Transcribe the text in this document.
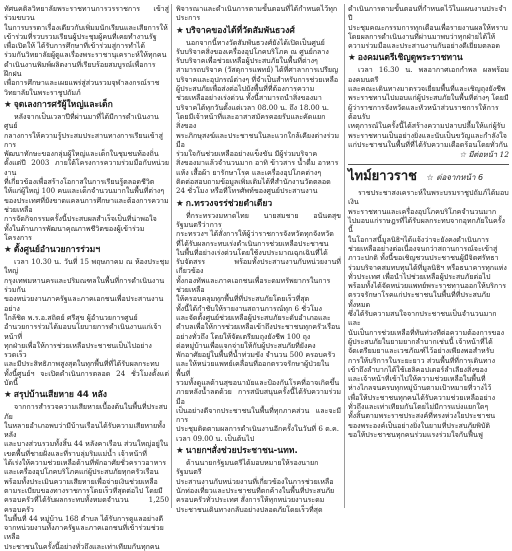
ทัศนคติลวิทยาลัยพระราชทานการวรราชการ เข้าสู่ร่วมขบวน

ในการบรรดาเรื่องเดียวกับเพิ่มมนักเรียนและเสียการให้

เข้าร่วมที่รวบรวมเรียนผู้ประชุมผู้คนที่เคยทำงานรัฐ

เพื่อเปิดให้ ได้รับการศึกษาที่เข้าร่วมสู่การทำได้

ร่วมกันวิทยาลัยผู้ดูแลเรื่องพระราชานุเคราะห์ให้ทุกคน

ดำเนินงานพิมพ์ผลิตงานที่เรียบร้อยสมบูรณ์เพื่อการฝึกฝน

เพื่อการศึกษาและเผยแพร่สู่ส่วนรวมจุฬาลงกรณ์ราชวิทยาลัยในพระราชูปถัมภ์

★ จุดเลงการศรัผู้ใหญ่และเด็ก

หลังจากเป็นเวลาปีที่ผ่านมาที่ได้มีการดำเนินงานศูนย์

กลางการให้ความรู้ประสมประสานทางการเรียนเข้าสู่การ

พัฒนาทักษะของกลุ่มผู้ใหญ่และเด็กในชุมชนท้องถิ่น

ตั้งแต่ปี 2003 ภายใต้โครงการความร่วมมือกับหน่วยงาน

ที่เกี่ยวข้องเพื่อสร้างโอกาสในการเรียนรู้ตลอดชีวิต

ให้แก่ผู้ใหญ่ 100 คนและเด็กจำนวนมากในพื้นที่ต่างๆ

ของประเทศที่ยังขาดแคลนการศึกษาและต้องการความช่วยเหลือ

การจัดกิจกรรมครั้งนี้ประสบผลสำเร็จเป็นที่น่าพอใจ

ทั้งในด้านการพัฒนาคุณภาพชีวิตของผู้เข้าร่วมโครงการ

★ ตั้งศูนย์อำนวยการร่วมฯ

เวลา 10.30 น. วันที่ 15 พฤษภาคม ณ ห้องประชุมใหญ่

กรุงเทพมหานครและปริมณฑลในพื้นที่การดำเนินงานร่วมกัน

ของหน่วยงานภาครัฐและภาคเอกชนเพื่อประสานงานอย่าง

ใกล้ชิด พ.ร.อ.สถิตย์ ศรีสุข ผู้อำนวยการศูนย์

อำนวยการร่วมได้มอบนโยบายการดำเนินงานแก่เจ้าหน้าที่

ทุกฝ่ายเพื่อให้การช่วยเหลือประชาชนเป็นไปอย่างรวดเร็ว

และมีประสิทธิภาพสูงสุดในทุกพื้นที่ที่ได้รับผลกระทบ

ทั้งนี้ศูนย์ฯ จะเปิดดำเนินการตลอด 24 ชั่วโมงตั้งแต่บัดนี้

★ สรุปบ้านเสียหาย 44 หลัง

จากการสำรวจความเสียหายเบื้องต้นในพื้นที่ประสบภัย

ในหลายอำเภอพบว่ามีบ้านเรือนได้รับความเสียหายทั้งหลัง

และบางส่วนรวมทั้งสิ้น 44 หลังคาเรือน ส่วนใหญ่อยู่ใน

เขตพื้นที่ชายฝั่งและที่ราบลุ่มริมแม่น้ำ เจ้าหน้าที่

ได้เร่งให้ความช่วยเหลือด้านที่พักอาศัยชั่วคราวอาหาร

และเครื่องอุปโภคบริโภคแก่ผู้ประสบภัยทุกครัวเรือน

พร้อมทั้งประเมินความเสียหายเพื่อจ่ายเงินช่วยเหลือ

ตามระเบียบของทางราชการโดยเร็วที่สุดต่อไป โดยมี

ครอบครัวที่ได้รับผลกระทบทั้งหมดจำนวน 1,250 ครอบครัว

ในพื้นที่ 44 หมู่บ้าน 168 ตำบล ได้รับการดูแลอย่างดี

จากหน่วยงานทั้งภาครัฐและภาคเอกชนที่เข้าร่วมช่วยเหลือ

ประชาชนในครั้งนี้อย่างทั่วถึงและเท่าเทียมกันทุกคน

พิจารณาและดำเนินการตามขั้นตอนที่ได้กำหนดไว้ทุกประการ

★ บริจาคของได้ที่วัดสัมพันธวงศ์

นอกจากนี้ทางวัดสัมพันธวงศ์ยังได้เปิดเป็นศูนย์

รับบริจาคสิ่งของเครื่องอุปโภคบริโภค ณ ศูนย์กลาง

รับบริจาคเพื่อช่วยเหลือผู้ประสบภัยในพื้นที่ต่างๆ

สามารถบริจาค (วัสดุการแพทย์) ได้ที่ศาลาการเปรียญ

บริจาคและอุปกรณ์ต่างๆ ที่จำเป็นสำหรับการช่วยเหลือ

ผู้ประสบภัยเพื่อส่งต่อไปยังพื้นที่ที่ต้องการความ

ช่วยเหลืออย่างเร่งด่วน ทั้งนี้สามารถนำสิ่งของมา

บริจาคได้ทุกวันตั้งแต่เวลา 08.00 น. ถึง 18.00 น.

โดยมีเจ้าหน้าที่และอาสาสมัครคอยรับและคัดแยกสิ่งของ

พระภิกษุสงฆ์และประชาชนในละแวกใกล้เคียงต่างร่วมมือ

ร่วมใจกันช่วยเหลืออย่างแข็งขัน มีผู้ร่วมบริจาค

สิ่งของมาแล้วจำนวนมาก อาทิ ข้าวสาร น้ำดื่ม อาหาร

แห้ง เสื้อผ้า ยารักษาโรค และเครื่องอุปโภคต่างๆ

ติดต่อสอบถามข้อมูลเพิ่มเติมได้ที่สำนักงานวัดตลอด

24 ชั่วโมง หรือที่โทรศัพท์ของศูนย์ประสานงาน

★ ก.ทรวงจรร่ช่วยดำเดียว

ที่กระทรวงมหาดไทย นายสมชาย อนันตสุข รัฐมนตรีว่าการ

กระทรวงฯ ได้สั่งการให้ผู้ว่าราชการจังหวัดทุกจังหวัด

ที่ได้รับผลกระทบเร่งดำเนินการช่วยเหลือประชาชน

ในพื้นที่อย่างเร่งด่วนโดยใช้งบประมาณฉุกเฉินที่ได้

รับจัดสรร พร้อมทั้งประสานงานกับหน่วยงานที่เกี่ยวข้อง

ทั้งกองทัพและภาคเอกชนเพื่อระดมทรัพยากรในการช่วยเหลือ

ให้ครอบคลุมทุกพื้นที่ที่ประสบภัยโดยเร็วที่สุด

ทั้งนี้ได้กำชับให้รายงานสถานการณ์ทุก 6 ชั่วโมง

และจัดตั้งศูนย์ช่วยเหลือผู้ประสบภัยระดับอำเภอและ

ตำบลเพื่อให้การช่วยเหลือเข้าถึงประชาชนทุกครัวเรือน

อย่างทั่วถึง โดยให้จัดเตรียมถุงยังชีพ 100 ถุง

ต่อหมู่บ้านเพื่อแจกจ่ายให้กับผู้ประสบภัยที่ยังคง

พักอาศัยอยู่ในพื้นที่น้ำท่วมขัง จำนวน 500 ครอบครัว

และให้หน่วยแพทย์เคลื่อนที่ออกตรวจรักษาผู้ป่วยในพื้นที่

รวมทั้งดูแลด้านสุขอนามัยและป้องกันโรคที่อาจเกิดขึ้น

ภายหลังน้ำลดด้วย การสนับสนุนครั้งนี้ได้รับความร่วมมือ

เป็นอย่างดีจากประชาชนในพื้นที่ทุกภาคส่วน และจะมีการ

ประชุมติดตามผลการดำเนินงานอีกครั้งในวันที่ 6 ต.ค.

เวลา 09.00 น. เป็นต้นไป

★ นายกฯสั่งช่วยประชาชน-นทท.

ด้านนายกรัฐมนตรีได้มอบหมายให้รองนายกรัฐมนตรี

ประสานงานกับหน่วยงานที่เกี่ยวข้องในการช่วยเหลือ

นักท่องเที่ยวและประชาชนที่ตกค้างในพื้นที่ประสบภัย

ครอบครัวทั่วประเทศ สั่งการให้ทุกหน่วยงานระดม

ประชาชนเดินทางกลับอย่างปลอดภัยโดยเร็วที่สุด

ดำเนินการตามขั้นตอนที่กำหนดไว้ในแผนงานประจำปี

ประชุมคณะกรรมการทุกเดือนเพื่อรายงานผลให้ทราบ

โดยผลการดำเนินงานที่ผ่านมาพบว่าทุกฝ่ายได้ให้

ความร่วมมือและประสานงานกันอย่างดีเยี่ยมตลอด

★ องคมนตรีเชิญดูพระราชทาน

เวลา 16.30 น. พลอากาศเอกกำพล ผลพร้อม องคมนตรี

และคณะเดินทางมาตรวจเยี่ยมพื้นที่และเชิญถุงยังชีพ

พระราชทานไปมอบแก่ผู้ประสบภัยในพื้นที่ต่างๆ โดยมี

ผู้ว่าราชการจังหวัดและหัวหน้าส่วนราชการให้การต้อนรับ

เหตุการณ์ในครั้งนี้ได้สร้างความปลาบปลื้มให้แก่ผู้รับ

พระราชทานเป็นอย่างยิ่งและนับเป็นขวัญและกำลังใจ

แก่ประชาชนในพื้นที่ที่ได้รับความเดือดร้อนโดยทั่วกัน

☆ มีต่อหน้า 12

ไทม์ยาวราช ☆ ต่อจากหน้า 6

ราชประชาสงเคราะห์ในพระบรมราชูปถัมภ์ได้มอบเงิน

พระราชทานและเครื่องอุปโภคบริโภคจำนวนมาก

ไปมอบแก่ราษฎรที่ได้รับผลกระทบจากอุทกภัยในครั้งนี้

ในโอกาสนี้มูลนิธิฯได้แจ้งว่าจะยังคงดำเนินการ

ช่วยเหลืออย่างต่อเนื่องจนกว่าสถานการณ์จะเข้าสู่

ภาวะปกติ ทั้งนี้ขอเชิญชวนประชาชนผู้มีจิตศรัทธา

ร่วมบริจาคสมทบทุนได้ที่มูลนิธิฯ หรือธนาคารทุกแห่ง

ทั่วประเทศ เพื่อนำไปช่วยเหลือผู้ประสบภัยต่อไป

พร้อมทั้งได้จัดหน่วยแพทย์พระราชทานออกให้บริการ

ตรวจรักษาโรคแก่ประชาชนในพื้นที่ที่ประสบภัยทั้งหมด

ซึ่งได้รับความสนใจจากประชาชนเป็นจำนวนมากและ

นับเป็นการช่วยเหลือที่ทันท่วงทีต่อความต้องการของ

ผู้ประสบภัยในยามยากลำบากเช่นนี้ เจ้าหน้าที่ได้

จัดเตรียมยาและเวชภัณฑ์ไว้อย่างเพียงพอสำหรับ

การให้บริการในระยะยาว ส่วนพื้นที่ที่การเดินทาง

เข้าถึงลำบากได้ใช้เฮลิคอปเตอร์ลำเลียงสิ่งของ

และเจ้าหน้าที่เข้าไปให้ความช่วยเหลือในพื้นที่

ห่างไกลจนครบทุกหมู่บ้านตามเป้าหมายที่วางไว้

เพื่อให้ประชาชนทุกคนได้รับความช่วยเหลืออย่าง

ทั่วถึงและเท่าเทียมกันโดยไม่มีการแบ่งแยกใดๆ

ทั้งสิ้นตามพระราชประสงค์ที่ทรงห่วงใยประชาชน

ของพระองค์เป็นอย่างยิ่งในยามที่ประสบภัยพิบัติ

ขอให้ประชาชนทุกคนร่วมแรงร่วมใจกันฟื้นฟู
